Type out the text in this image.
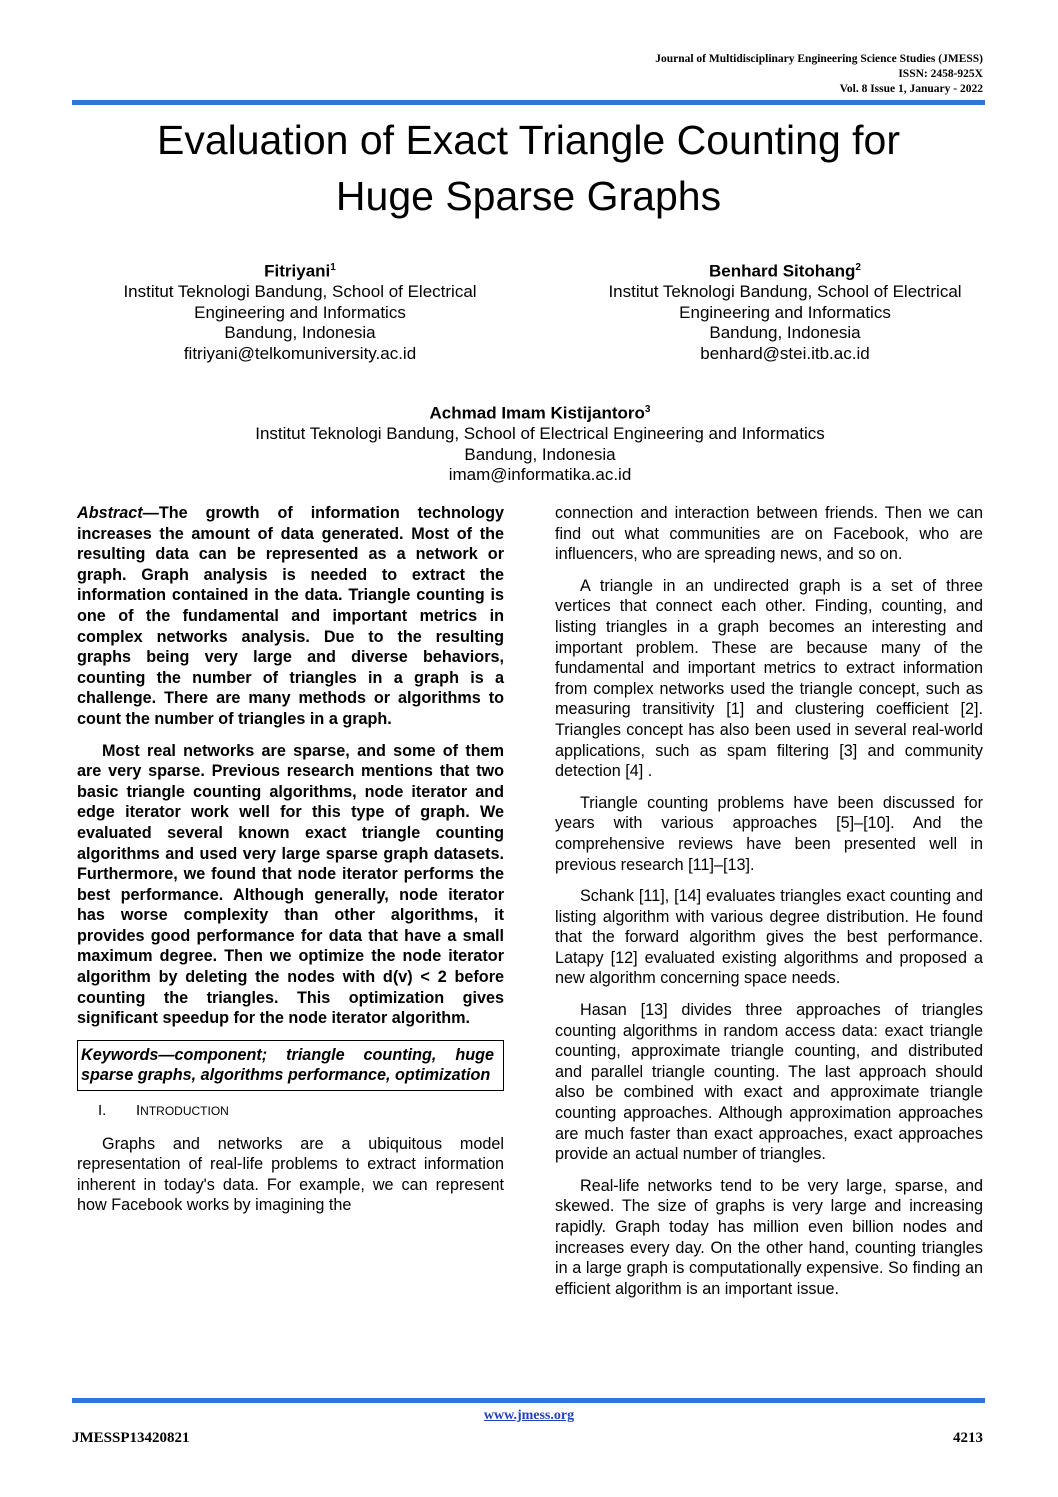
Journal of Multidisciplinary Engineering Science Studies (JMESS)
ISSN: 2458-925X
Vol. 8 Issue 1, January - 2022
Evaluation of Exact Triangle Counting for
Huge Sparse Graphs
Fitriyani$^1$
Institut Teknologi Bandung, School of Electrical
Engineering and Informatics
Bandung, Indonesia
fitriyani@telkomuniversity.ac.id
Benhard Sitohang$^2$
Institut Teknologi Bandung, School of Electrical
Engineering and Informatics
Bandung, Indonesia
benhard@stei.itb.ac.id
Achmad Imam Kistijantoro$^3$
Institut Teknologi Bandung, School of Electrical Engineering and Informatics
Bandung, Indonesia
imam@informatika.ac.id

Abstract—The growth of information technology increases the amount of data generated. Most of the resulting data can be represented as a network or graph. Graph analysis is needed to extract the information contained in the data. Triangle counting is one of the fundamental and important metrics in complex networks analysis. Due to the resulting graphs being very large and diverse behaviors, counting the number of triangles in a graph is a challenge. There are many methods or algorithms to count the number of triangles in a graph.

Most real networks are sparse, and some of them are very sparse. Previous research mentions that two basic triangle counting algorithms, node iterator and edge iterator work well for this type of graph. We evaluated several known exact triangle counting algorithms and used very large sparse graph datasets. Furthermore, we found that node iterator performs the best performance. Although generally, node iterator has worse complexity than other algorithms, it provides good performance for data that have a small maximum degree. Then we optimize the node iterator algorithm by deleting the nodes with d(v) < 2 before counting the triangles. This optimization gives significant speedup for the node iterator algorithm.

Keywords—component; triangle counting, huge sparse graphs, algorithms performance, optimization
I. INTRODUCTION

Graphs and networks are a ubiquitous model representation of real-life problems to extract information inherent in today's data. For example, we can represent how Facebook works by imagining the

connection and interaction between friends. Then we can find out what communities are on Facebook, who are influencers, who are spreading news, and so on.

A triangle in an undirected graph is a set of three vertices that connect each other. Finding, counting, and listing triangles in a graph becomes an interesting and important problem. These are because many of the fundamental and important metrics to extract information from complex networks used the triangle concept, such as measuring transitivity [1] and clustering coefficient [2]. Triangles concept has also been used in several real-world applications, such as spam filtering [3] and community detection [4] .

Triangle counting problems have been discussed for years with various approaches [5]–[10]. And the comprehensive reviews have been presented well in previous research [11]–[13].

Schank [11], [14] evaluates triangles exact counting and listing algorithm with various degree distribution. He found that the forward algorithm gives the best performance. Latapy [12] evaluated existing algorithms and proposed a new algorithm concerning space needs.

Hasan [13] divides three approaches of triangles counting algorithms in random access data: exact triangle counting, approximate triangle counting, and distributed and parallel triangle counting. The last approach should also be combined with exact and approximate triangle counting approaches. Although approximation approaches are much faster than exact approaches, exact approaches provide an actual number of triangles.

Real-life networks tend to be very large, sparse, and skewed. The size of graphs is very large and increasing rapidly. Graph today has million even billion nodes and increases every day. On the other hand, counting triangles in a large graph is computationally expensive. So finding an efficient algorithm is an important issue.

www.jmess.org
JMESSP13420821	4213
